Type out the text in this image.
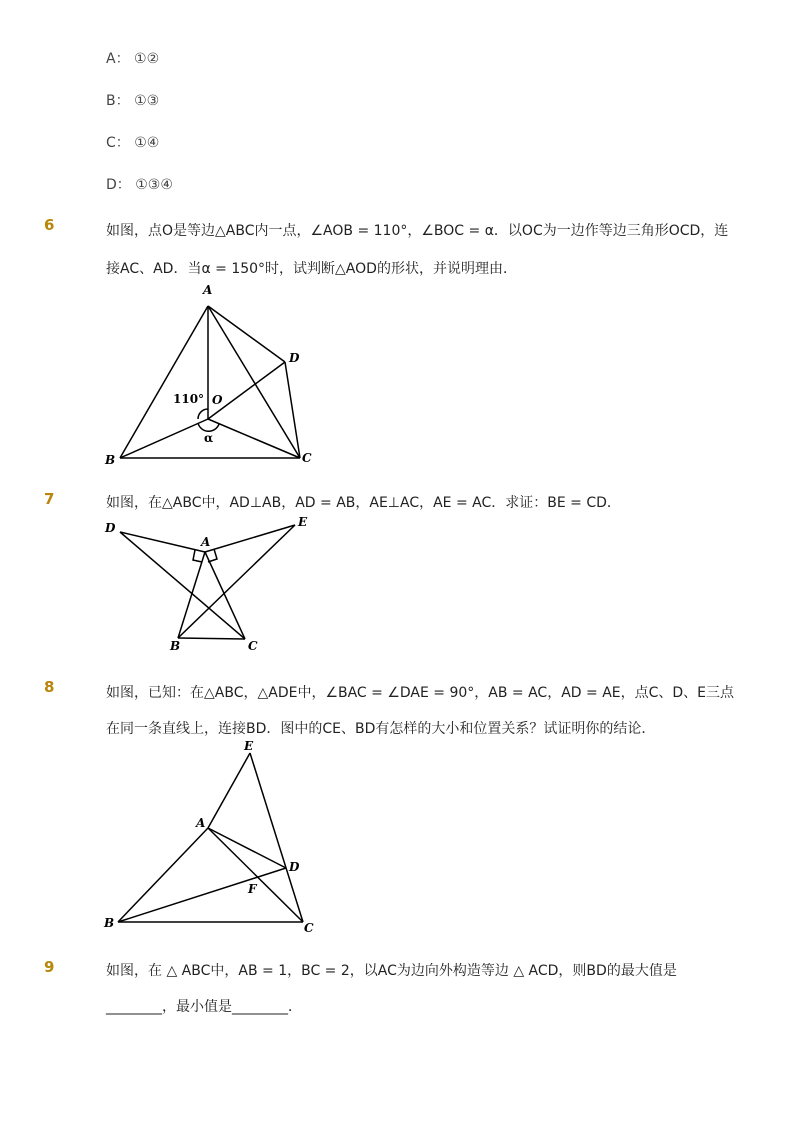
A： ①②
B： ①③
C： ①④
D： ①③④
6	如图，点O是等边△ABC内一点，∠AOB = 110°，∠BOC = α．以OC为一边作等边三角形OCD，连
接AC、AD．当α = 150°时，试判断△AOD的形状，并说明理由．
A
B	C
D
O
110°
α
7	如图，在△ABC中，AD⊥AB，AD = AB，AE⊥AC，AE = AC．求证：BE = CD．
A
B	C
D	E
8	如图，已知：在△ABC，△ADE中，∠BAC = ∠DAE = 90°，AB = AC，AD = AE，点C、D、E三点
在同一条直线上，连接BD．图中的CE、BD有怎样的大小和位置关系？试证明你的结论．
E
A
D
F
B	C
9	如图，在 △ ABC中，AB = 1，BC = 2，以AC为边向外构造等边 △ ACD，则BD的最大值是
________，最小值是________．
